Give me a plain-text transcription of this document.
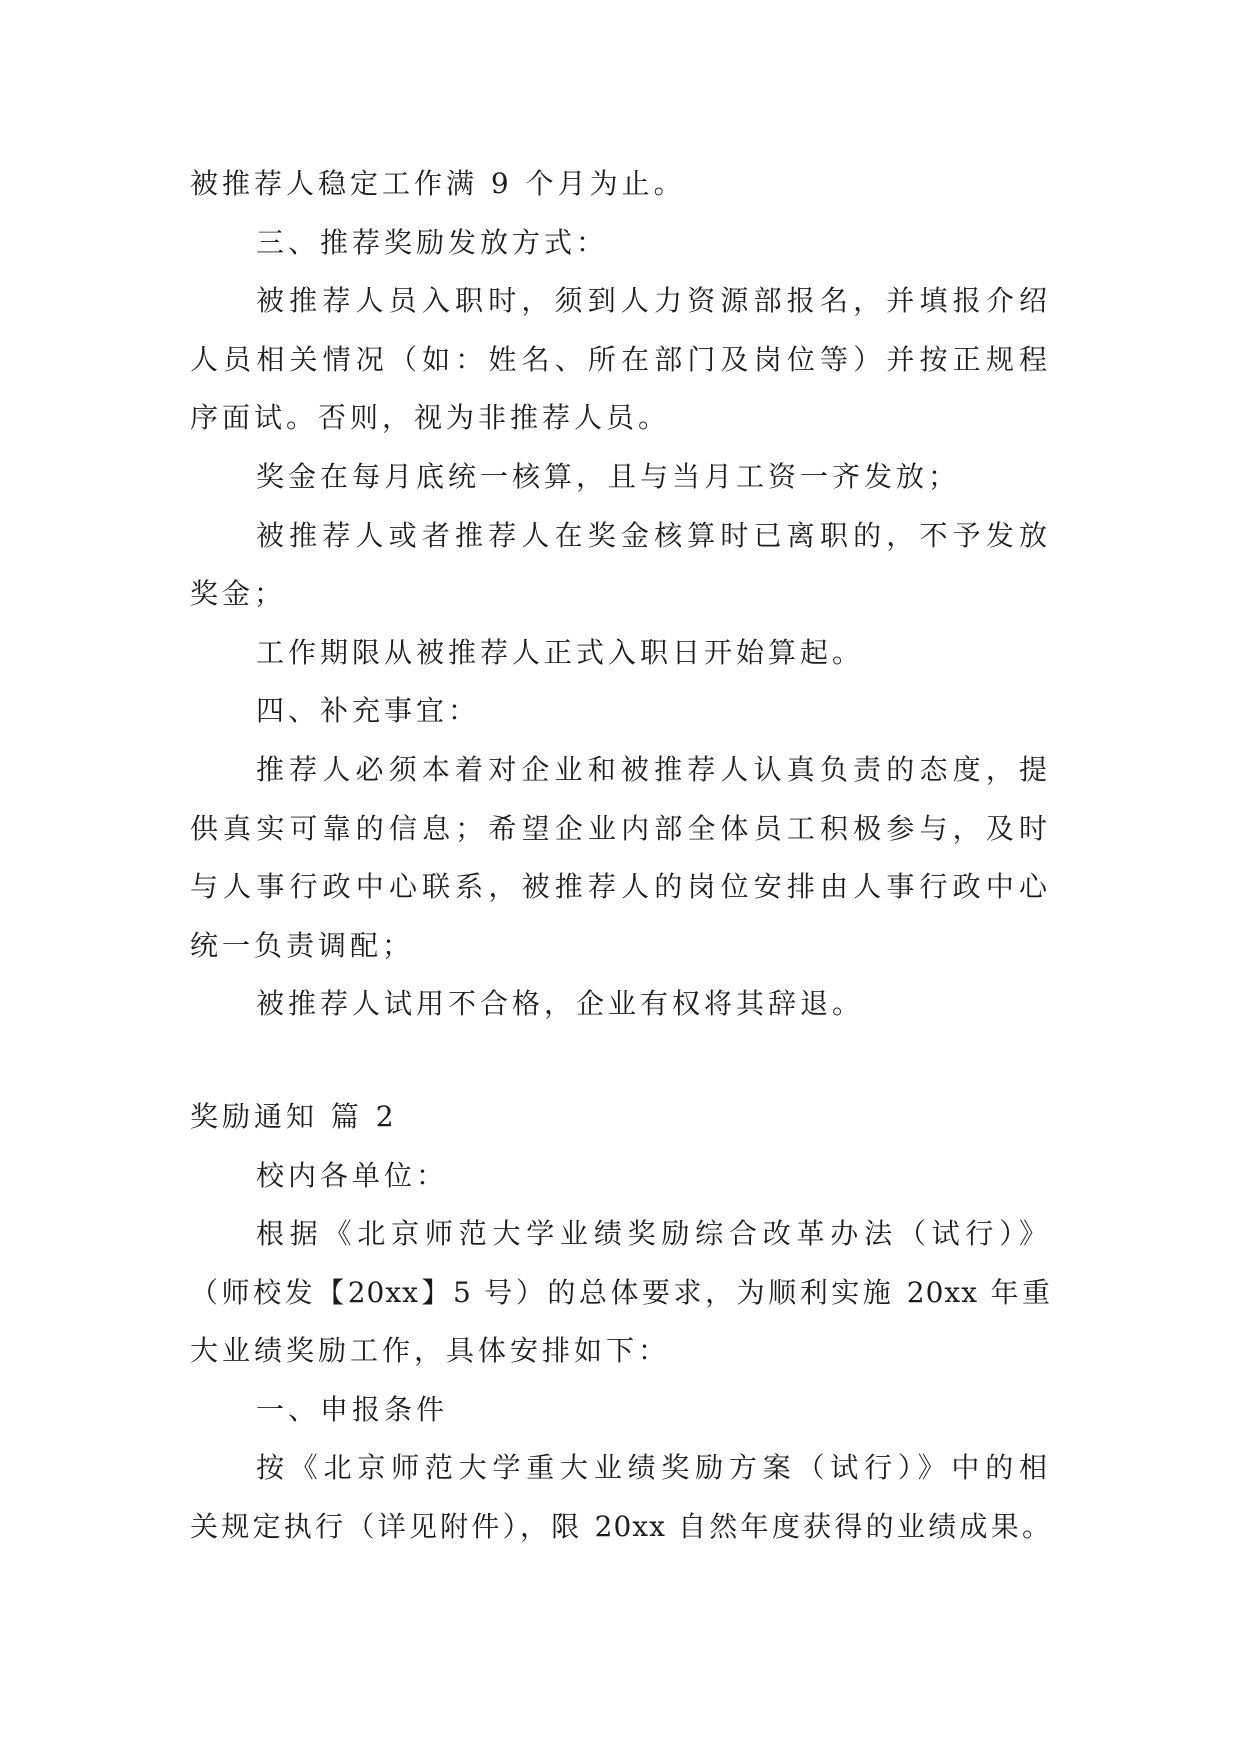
被推荐人稳定工作满 9 个月为止。
三、推荐奖励发放方式：
被推荐人员入职时，须到人力资源部报名，并填报介绍
人员相关情况（如：姓名、所在部门及岗位等）并按正规程
序面试。否则，视为非推荐人员。
奖金在每月底统一核算，且与当月工资一齐发放；
被推荐人或者推荐人在奖金核算时已离职的，不予发放
奖金；
工作期限从被推荐人正式入职日开始算起。
四、补充事宜：
推荐人必须本着对企业和被推荐人认真负责的态度，提
供真实可靠的信息；希望企业内部全体员工积极参与，及时
与人事行政中心联系，被推荐人的岗位安排由人事行政中心
统一负责调配；
被推荐人试用不合格，企业有权将其辞退。
奖励通知 篇 2
校内各单位：
根据《北京师范大学业绩奖励综合改革办法（试行）》
（师校发【20xx】5 号）的总体要求，为顺利实施 20xx 年重
大业绩奖励工作，具体安排如下：
一、申报条件
按《北京师范大学重大业绩奖励方案（试行）》中的相
关规定执行（详见附件），限 20xx 自然年度获得的业绩成果。
